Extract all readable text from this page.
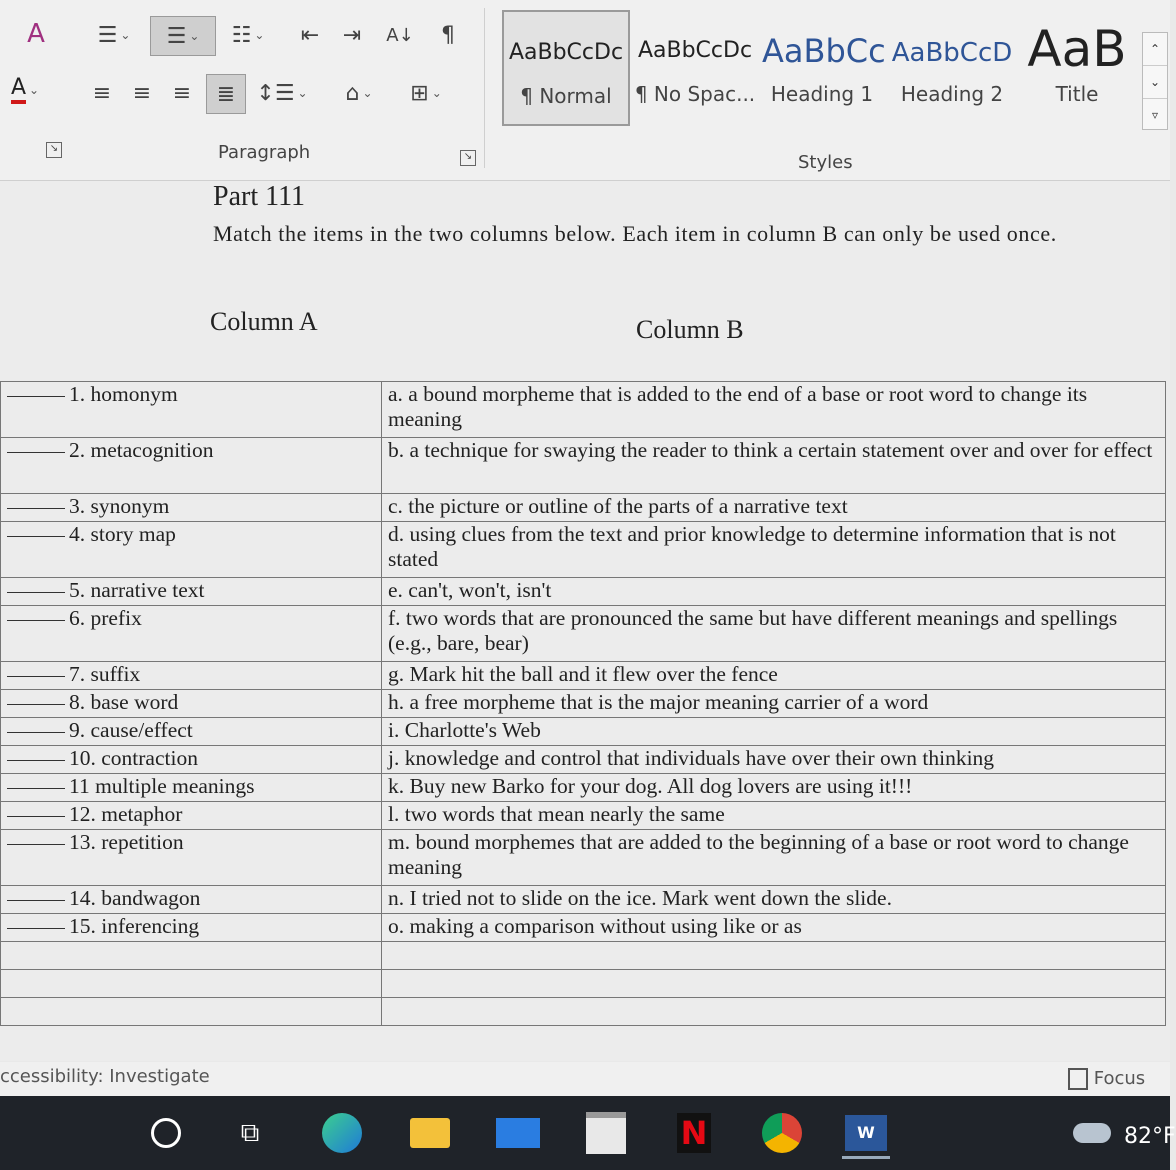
A
A ⌄
☰ ⌄ ☰ ⌄ ☷ ⌄ ⇤ ⇥ A↓ ¶
≡ ≡ ≡ ≣ ↕☰ ⌄ ⌂ ⌄ ⊞ ⌄
↘	Paragraph	↘
AaBbCcDc
¶ Normal
AaBbCcDc
¶ No Spac...
AaBbCc
Heading 1
AaBbCcD
Heading 2
AaB
Title
⌃
⌄
▿
Styles
Part 111
Match the items in the two columns below. Each item in column B can only be used once.
Column A	Column B
1. homonym	a. a bound morpheme that is added to the end of a base or root word to change its meaning
2. metacognition	b. a technique for swaying the reader to think a certain statement over and over for effect
3. synonym	c. the picture or outline of the parts of a narrative text
4. story map	d. using clues from the text and prior knowledge to determine information that is not stated
5. narrative text	e. can't, won't, isn't
6. prefix	f. two words that are pronounced the same but have different meanings and spellings (e.g., bare, bear)
7. suffix	g. Mark hit the ball and it flew over the fence
8. base word	h. a free morpheme that is the major meaning carrier of a word
9. cause/effect	i. Charlotte's Web
10. contraction	j. knowledge and control that individuals have over their own thinking
11 multiple meanings	k. Buy new Barko for your dog. All dog lovers are using it!!!
12. metaphor	l. two words that mean nearly the same
13. repetition	m. bound morphemes that are added to the beginning of a base or root word to change meaning
14. bandwagon	n. I tried not to slide on the ice. Mark went down the slide.
15. inferencing	o. making a comparison without using like or as

ccessibility: Investigate	Focus
⧉	N	W	82°F
